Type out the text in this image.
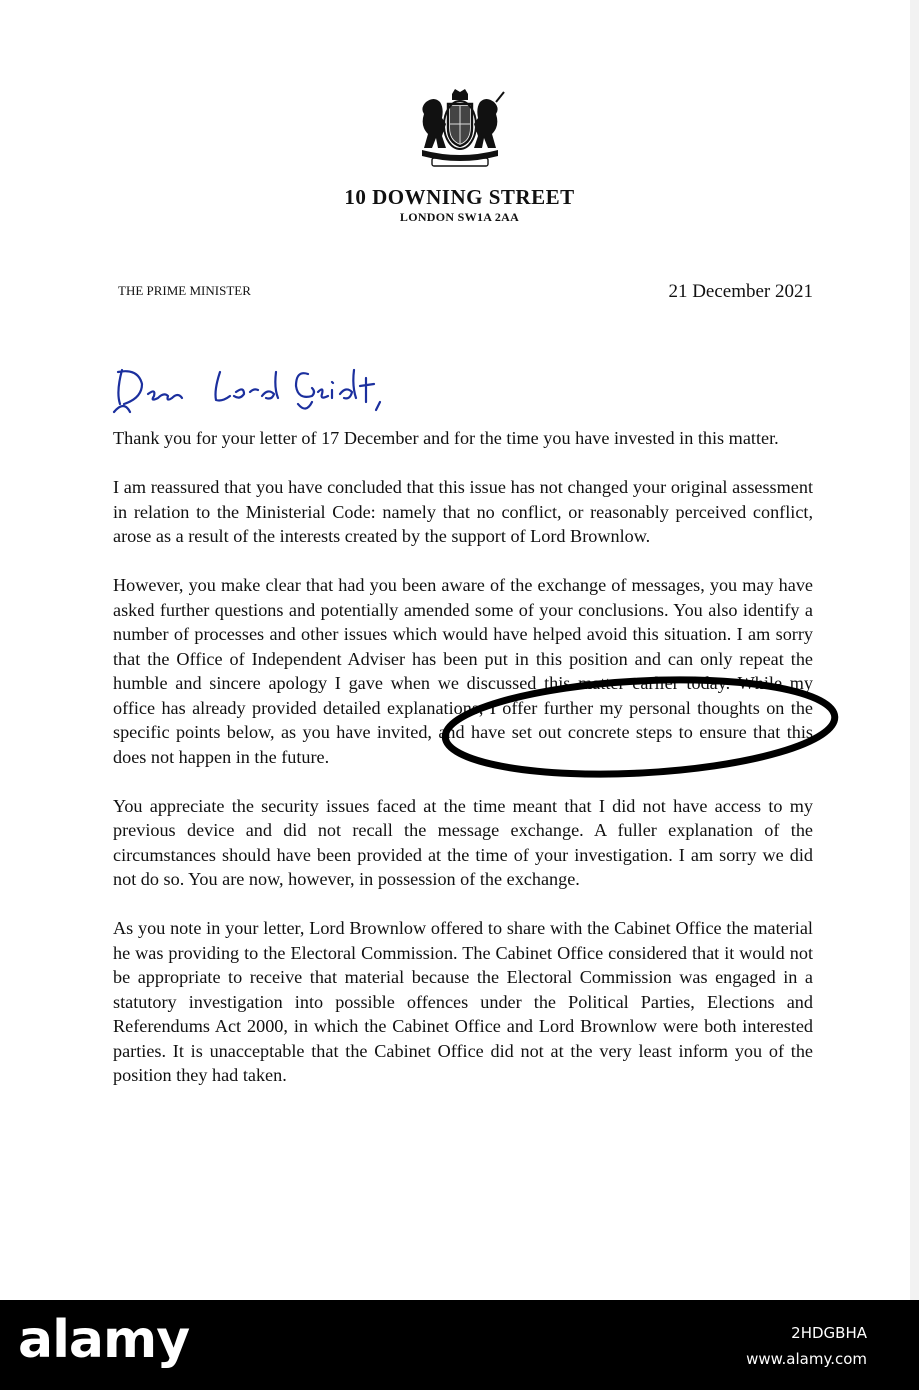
10 DOWNING STREET
LONDON SW1A 2AA
THE PRIME MINISTER	21 December 2021

Thank you for your letter of 17 December and for the time you have invested in this matter.

I am reassured that you have concluded that this issue has not changed your original assessment in relation to the Ministerial Code: namely that no conflict, or reasonably perceived conflict, arose as a result of the interests created by the support of Lord Brownlow.

However, you make clear that had you been aware of the exchange of messages, you may have asked further questions and potentially amended some of your conclusions. You also identify a number of processes and other issues which would have helped avoid this situation. I am sorry that the Office of Independent Adviser has been put in this position and can only repeat the humble and sincere apology I gave when we discussed this matter earlier today. While my office has already provided detailed explanations, I offer further my personal thoughts on the specific points below, as you have invited, and have set out concrete steps to ensure that this does not happen in the future.

You appreciate the security issues faced at the time meant that I did not have access to my previous device and did not recall the message exchange. A fuller explanation of the circumstances should have been provided at the time of your investigation. I am sorry we did not do so. You are now, however, in possession of the exchange.

As you note in your letter, Lord Brownlow offered to share with the Cabinet Office the material he was providing to the Electoral Commission. The Cabinet Office considered that it would not be appropriate to receive that material because the Electoral Commission was engaged in a statutory investigation into possible offences under the Political Parties, Elections and Referendums Act 2000, in which the Cabinet Office and Lord Brownlow were both interested parties. It is unacceptable that the Cabinet Office did not at the very least inform you of the position they had taken.

alamy	2HDGBHA
www.alamy.com
